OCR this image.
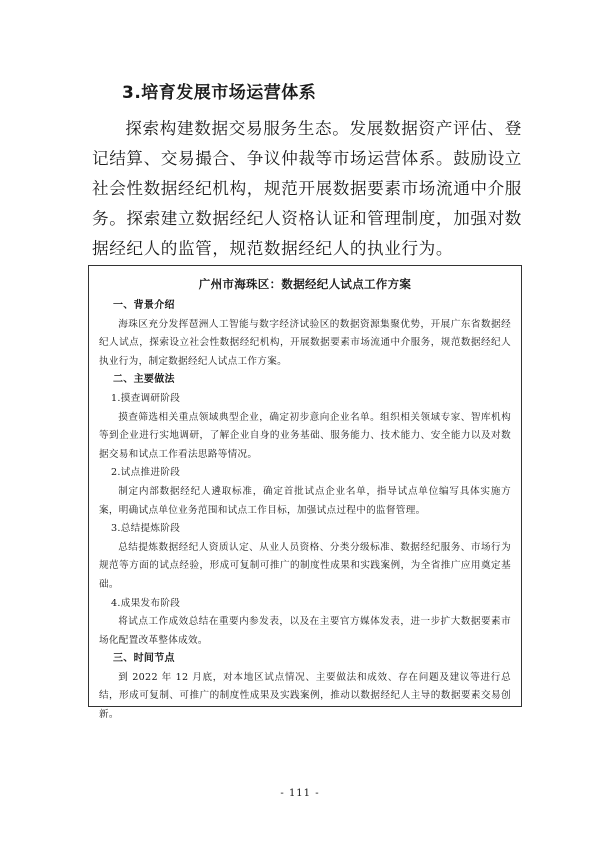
3.培育发展市场运营体系

探索构建数据交易服务生态。发展数据资产评估、登记结算、交易撮合、争议仲裁等市场运营体系。鼓励设立社会性数据经纪机构，规范开展数据要素市场流通中介服务。探索建立数据经纪人资格认证和管理制度，加强对数据经纪人的监管，规范数据经纪人的执业行为。

广州市海珠区：数据经纪人试点工作方案
一、背景介绍

海珠区充分发挥琶洲人工智能与数字经济试验区的数据资源集聚优势，开展广东省数据经纪人试点，探索设立社会性数据经纪机构，开展数据要素市场流通中介服务，规范数据经纪人执业行为，制定数据经纪人试点工作方案。

二、主要做法
1.摸查调研阶段

摸查筛选相关重点领域典型企业，确定初步意向企业名单。组织相关领域专家、智库机构等到企业进行实地调研，了解企业自身的业务基础、服务能力、技术能力、安全能力以及对数据交易和试点工作看法思路等情况。

2.试点推进阶段

制定内部数据经纪人遴取标准，确定首批试点企业名单，指导试点单位编写具体实施方案，明确试点单位业务范围和试点工作目标，加强试点过程中的监督管理。

3.总结提炼阶段

总结提炼数据经纪人资质认定、从业人员资格、分类分级标准、数据经纪服务、市场行为规范等方面的试点经验，形成可复制可推广的制度性成果和实践案例，为全省推广应用奠定基础。

4.成果发布阶段

将试点工作成效总结在重要内参发表，以及在主要官方媒体发表，进一步扩大数据要素市场化配置改革整体成效。

三、时间节点

到 2022 年 12 月底，对本地区试点情况、主要做法和成效、存在问题及建议等进行总结，形成可复制、可推广的制度性成果及实践案例，推动以数据经纪人主导的数据要素交易创新。

- 111 -
